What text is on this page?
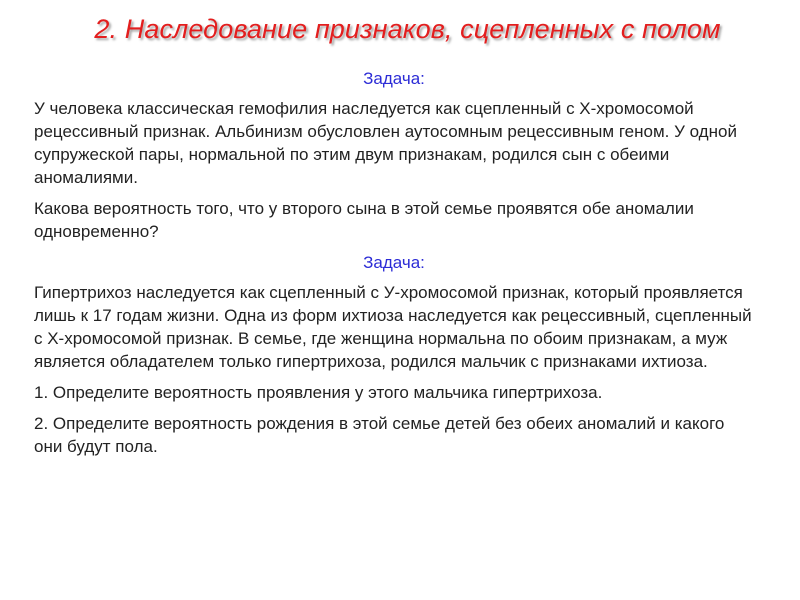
2. Наследование признаков, сцепленных с полом
Задача:
У человека классическая гемофилия наследуется как сцепленный с X-хромосомой рецессивный признак. Альбинизм обусловлен аутосомным рецессивным геном. У одной супружеской пары, нормальной по этим двум признакам, родился сын с обеими аномалиями.
Какова вероятность того, что у второго сына в этой семье проявятся обе аномалии одновременно?
Задача:
Гипертрихоз наследуется как сцепленный с У-хромосомой признак, который проявляется лишь к 17 годам жизни. Одна из форм ихтиоза наследуется как рецессивный, сцепленный с Х-хромосомой признак. В семье, где женщина нормальна по обоим признакам, а муж является обладателем только гипертрихоза, родился мальчик с признаками ихтиоза.
1. Определите вероятность проявления у этого мальчика гипертрихоза.
2. Определите вероятность рождения в этой семье детей без обеих аномалий и какого они будут пола.
